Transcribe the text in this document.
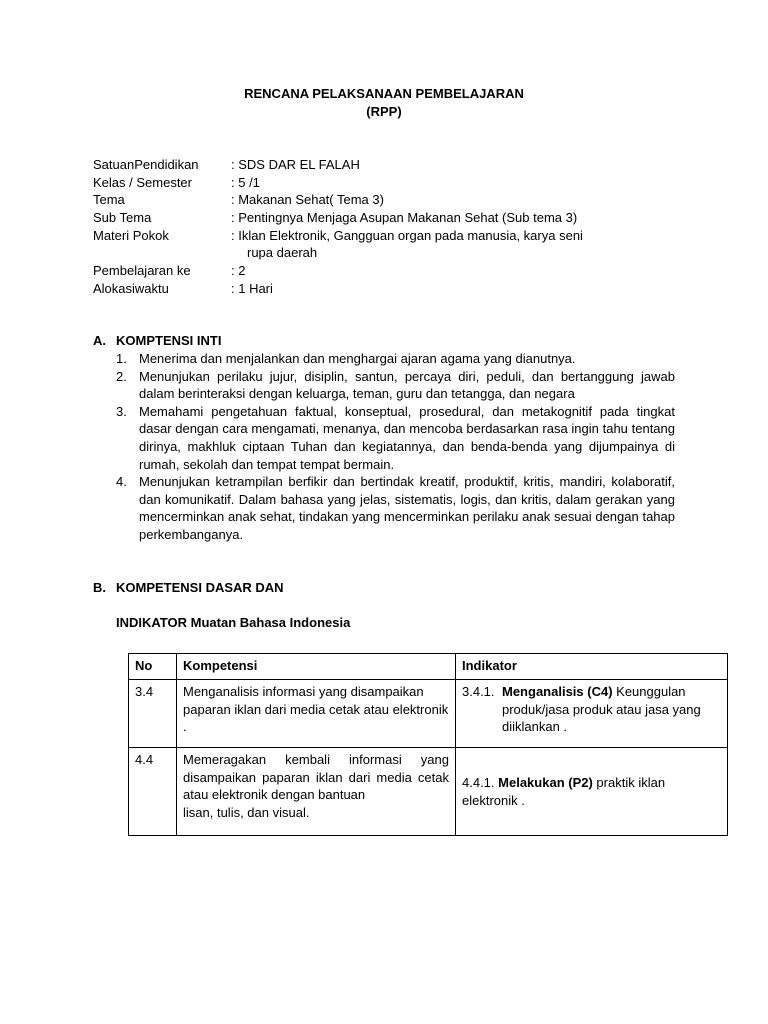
RENCANA PELAKSANAAN PEMBELAJARAN
(RPP)
SatuanPendidikan : SDS DAR EL FALAH
Kelas / Semester	: 5 /1
Tema	: Makanan Sehat( Tema 3)
Sub Tema	: Pentingnya Menjaga Asupan Makanan Sehat (Sub tema 3)
Materi Pokok	: Iklan Elektronik, Gangguan organ pada manusia, karya seni
rupa daerah
Pembelajaran ke	: 2
Alokasiwaktu	: 1 Hari
A. KOMPTENSI INTI
1. Menerima dan menjalankan dan menghargai ajaran agama yang dianutnya.
2. Menunjukan perilaku jujur, disiplin, santun, percaya diri, peduli, dan bertanggung jawab dalam berinteraksi dengan keluarga, teman, guru dan tetangga, dan negara
3. Memahami pengetahuan faktual, konseptual, prosedural, dan metakognitif pada tingkat dasar dengan cara mengamati, menanya, dan mencoba berdasarkan rasa ingin tahu tentang dirinya, makhluk ciptaan Tuhan dan kegiatannya, dan benda-benda yang dijumpainya di rumah, sekolah dan tempat tempat bermain.
4. Menunjukan ketrampilan berfikir dan bertindak kreatif, produktif, kritis, mandiri, kolaboratif, dan komunikatif. Dalam bahasa yang jelas, sistematis, logis, dan kritis, dalam gerakan yang mencerminkan anak sehat, tindakan yang mencerminkan perilaku anak sesuai dengan tahap perkembanganya.
B. KOMPETENSI DASAR DAN
INDIKATOR Muatan Bahasa Indonesia
No	Kompetensi	Indikator
3.4	Menganalisis informasi yang disampaikan paparan iklan dari media cetak atau elektronik .	3.4.1. Menganalisis (C4) Keunggulan produk/jasa produk atau jasa yang diiklankan .

4.4	Memeragakan kembali informasi yang disampaikan paparan iklan dari media cetak atau elektronik dengan bantuan
lisan, tulis, dan visual.	4.4.1. Melakukan (P2) praktik iklan elektronik .
